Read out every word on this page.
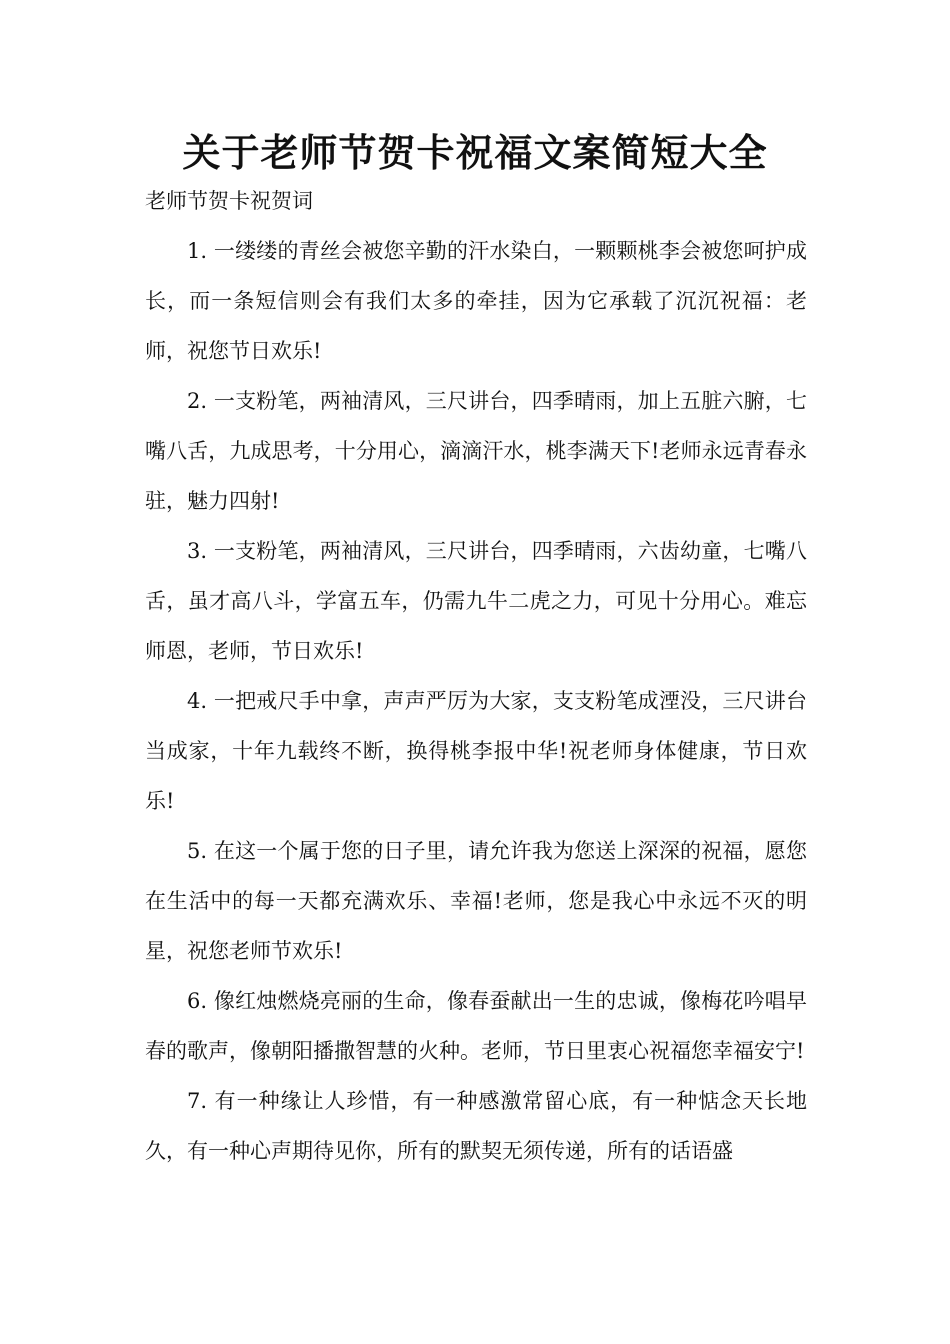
关于老师节贺卡祝福文案简短大全

老师节贺卡祝贺词

1. 一缕缕的青丝会被您辛勤的汗水染白，一颗颗桃李会被您呵护成长，而一条短信则会有我们太多的牵挂，因为它承载了沉沉祝福：老师，祝您节日欢乐!

2. 一支粉笔，两袖清风，三尺讲台，四季晴雨，加上五脏六腑，七嘴八舌，九成思考，十分用心，滴滴汗水，桃李满天下!老师永远青春永驻，魅力四射!

3. 一支粉笔，两袖清风，三尺讲台，四季晴雨，六齿幼童，七嘴八舌，虽才高八斗，学富五车，仍需九牛二虎之力，可见十分用心。难忘师恩，老师，节日欢乐!

4. 一把戒尺手中拿，声声严厉为大家，支支粉笔成湮没，三尺讲台当成家，十年九载终不断，换得桃李报中华!祝老师身体健康，节日欢乐!

5. 在这一个属于您的日子里，请允许我为您送上深深的祝福，愿您在生活中的每一天都充满欢乐、幸福!老师，您是我心中永远不灭的明星，祝您老师节欢乐!

6. 像红烛燃烧亮丽的生命，像春蚕献出一生的忠诚，像梅花吟唱早春的歌声，像朝阳播撒智慧的火种。老师，节日里衷心祝福您幸福安宁!

7. 有一种缘让人珍惜，有一种感激常留心底，有一种惦念天长地久，有一种心声期待见你，所有的默契无须传递，所有的话语盛
